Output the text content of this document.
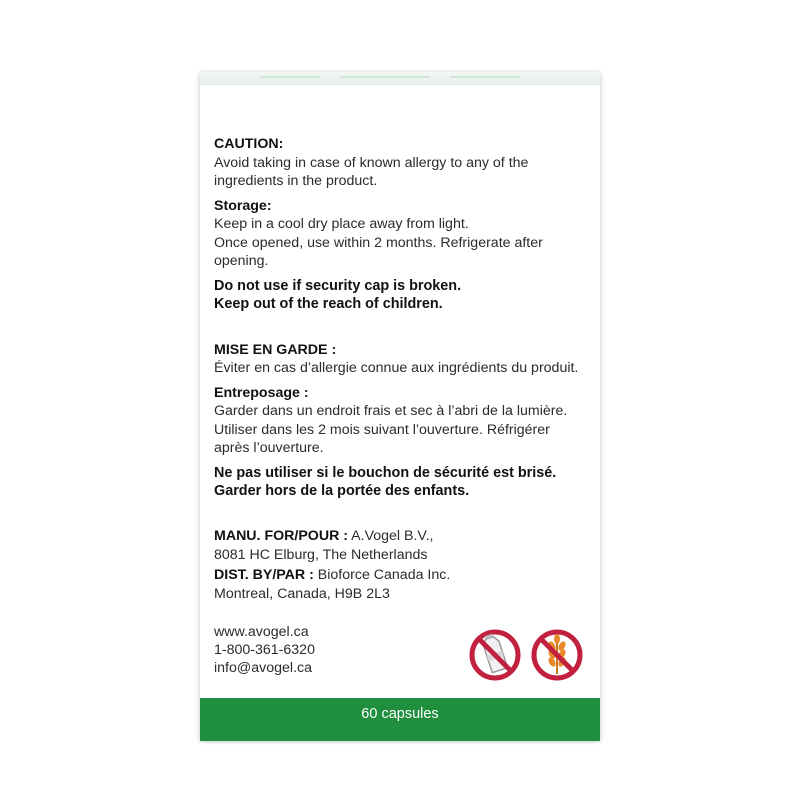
CAUTION:
Avoid taking in case of known allergy to any of the ingredients in the product.
Storage:
Keep in a cool dry place away from light.
Once opened, use within 2 months. Refrigerate after opening.
Do not use if security cap is broken.
Keep out of the reach of children.
MISE EN GARDE :
Éviter en cas d’allergie connue aux ingrédients du produit.
Entreposage :
Garder dans un endroit frais et sec à l’abri de la lumière.
Utiliser dans les 2 mois suivant l’ouverture. Réfrigérer après l’ouverture.
Ne pas utiliser si le bouchon de sécurité est brisé.
Garder hors de la portée des enfants.
MANU. FOR/POUR : A.Vogel B.V.,
8081 HC Elburg, The Netherlands
DIST. BY/PAR : Bioforce Canada Inc.
Montreal, Canada, H9B 2L3
www.avogel.ca
1-800-361-6320
info@avogel.ca
60 capsules
